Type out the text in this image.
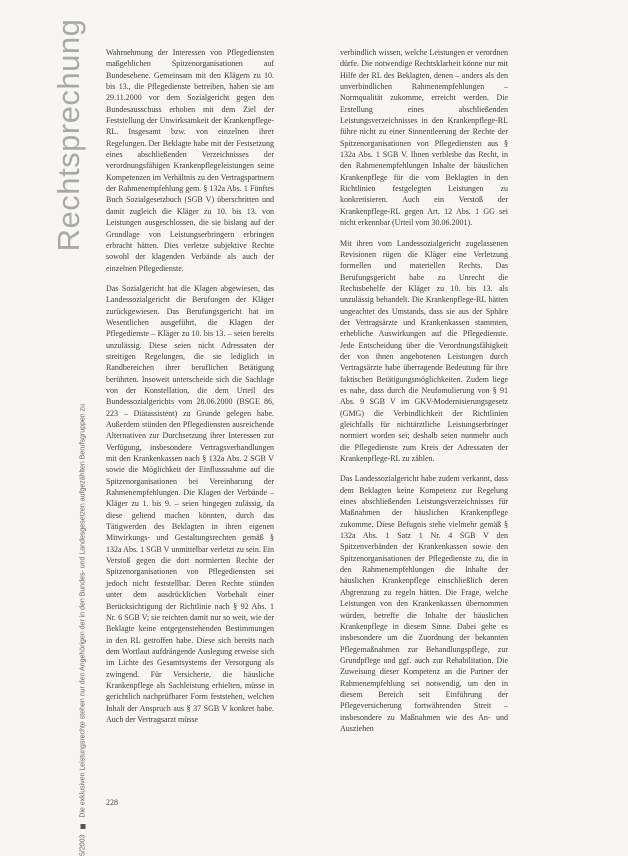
Rechtsprechung
5/2003  Die exklusiven Leistungsrechte stehen nur den Angehörigen der in den Bundes- und Landesgesetzen aufgezählten Berufsgruppen zu

Wahrnehmung der Interessen von Pflegediensten maßgeblichen Spitzenorganisationen auf Bundesebene. Gemeinsam mit den Klägern zu 10. bis 13., die Pflegedienste betreiben, haben sie am 29.11.2000 vor dem Sozialgericht gegen den Bundesausschuss erhoben mit dem Ziel der Feststellung der Unwirksamkeit der Krankenpflege-RL. Insgesamt bzw. von einzelnen ihrer Regelungen. Der Beklagte habe mit der Festsetzung eines abschließenden Verzeichnisses der verordnungsfähigen Krankenpflegeleistungen seine Kompetenzen im Verhältnis zu den Vertragspartnern der Rahmenempfehlung gem. § 132a Abs. 1 Fünftes Buch Sozialgesetzbuch (SGB V) überschritten und damit zugleich die Kläger zu 10. bis 13. von Leistungen ausgeschlossen, die sie bislang auf der Grundlage von Leistungserbringern erbringen erbracht hätten. Dies verletze subjektive Rechte sowohl der klagenden Verbände als auch der einzelnen Pflegedienste.

Das Sozialgericht hat die Klagen abgewiesen, das Landessozialgericht die Berufungen der Kläger zurückgewiesen. Das Berufungsgericht hat im Wesentlichen ausgeführt, die Klagen der Pflegedienste – Kläger zu 10. bis 13. – seien bereits unzulässig. Diese seien nicht Adressaten der streitigen Regelungen, die sie lediglich in Randbereichen ihrer beruflichen Betätigung berührten. Insoweit unterscheide sich die Sachlage von der Konstellation, die dem Urteil des Bundessozialgerichts vom 28.06.2000 (BSGE 86, 223 – Diätassistent) zu Grunde gelegen habe. Außerdem stünden den Pflegediensten ausreichende Alternativen zur Durchsetzung ihrer Interessen zur Verfügung, insbesondere Vertragsverhandlungen mit den Krankenkassen nach § 132a Abs. 2 SGB V sowie die Möglichkeit der Einflussnahme auf die Spitzenorganisationen bei Vereinbarung der Rahmenempfehlungen. Die Klagen der Verbände – Kläger zu 1. bis 9. – seien hingegen zulässig, da diese geltend machen könnten, durch das Tätigwerden des Beklagten in ihren eigenen Mitwirkungs- und Gestaltungsrechten gemäß § 132a Abs. 1 SGB V unmittelbar verletzt zu sein. Ein Verstoß gegen die dort normierten Rechte der Spitzenorganisationen von Pflegediensten sei jedoch nicht feststellbar. Deren Rechte stünden unter dem ausdrücklichen Vorbehalt einer Berücksichtigung der Richtlinie nach § 92 Abs. 1 Nr. 6 SGB V; sie reichten damit nur so weit, wie der Beklagte keine entgegenstehenden Bestimmungen in den RL getroffen habe. Diese sich bereits nach dem Wortlaut aufdrängende Auslegung erweise sich im Lichte des Gesamtsystems der Versorgung als zwingend. Für Versicherte, die häusliche Krankenpflege als Sachleistung erhielten, müsse in gerichtlich nachprüfbarer Form feststehen, welchen Inhalt der Anspruch aus § 37 SGB V konkret habe. Auch der Vertragsarzt müsse

verbindlich wissen, welche Leistungen er verordnen dürfe. Die notwendige Rechtsklarheit könne nur mit Hilfe der RL des Beklagten, denen – anders als den unverbindlichen Rahmenempfehlungen – Normqualität zukomme, erreicht werden. Die Erstellung eines abschließenden Leistungsverzeichnisses in den Krankenpflege-RL führe nicht zu einer Sinnentleerung der Rechte der Spitzenorganisationen von Pflegediensten aus § 132a Abs. 1 SGB V. Ihnen verbleibe das Recht, in den Rahmenempfehlungen Inhalte der häuslichen Krankenpflege für die vom Beklagten in den Richtlinien festgelegten Leistungen zu konkretisieren. Auch ein Verstoß der Krankenpflege-RL gegen Art. 12 Abs. 1 GG sei nicht erkennbar (Urteil vom 30.06.2001).

Mit ihren vom Landessozialgericht zugelassenen Revisionen rügen die Kläger eine Verletzung formellen und materiellen Rechts. Das Berufungsgericht habe zu Unrecht die Rechtsbehelfe der Kläger zu 10. bis 13. als unzulässig behandelt. Die Krankenpflege-RL hätten ungeachtet des Umstands, dass sie aus der Sphäre der Vertragsärzte und Krankenkassen stammten, erhebliche Auswirkungen auf die Pflegedienste. Jede Entscheidung über die Verordnungsfähigkeit der von ihnen angebotenen Leistungen durch Vertragsärzte habe überragende Bedeutung für ihre faktischen Betätigungsmöglichkeiten. Zudem liege es nahe, dass durch die Neufomulierung von § 91 Abs. 9 SGB V im GKV-Modernisierungsgesetz (GMG) die Verbindlichkeit der Richtlinien gleichfalls für nichtärztliche Leistungserbringer normiert worden sei; deshalb seien nunmehr auch die Pflegedienste zum Kreis der Adressaten der Krankenpflege-RL zu zählen.

Das Landessozialgericht habe zudem verkannt, dass dem Beklagten keine Kompetenz zur Regelung eines abschließenden Leistungsverzeichnisses für Maßnahmen der häuslichen Krankenpflege zukomme. Diese Befugnis stehe vielmehr gemäß § 132a Abs. 1 Satz 1 Nr. 4 SGB V den Spitzenverbänden der Krankenkassen sowie den Spitzenorganisationen der Pflegedienste zu, die in den Rahmenempfehlungen die Inhalte der häuslichen Krankenpflege einschließlich deren Abgrenzung zu regeln hätten. Die Frage, welche Leistungen von den Krankenkassen übernommen würden, betreffe die Inhalte der häuslichen Krankenpflege in diesem Sinne. Dabei gehe es insbesondere um die Zuordnung der bekannten Pflegemaßnahmen zur Behandlungspflege, zur Grundpflege und ggf. auch zur Rehabilitation. Die Zuweisung dieser Kompetenz an die Partner der Rahmenempfehlung sei notwendig, um den in diesem Bereich seit Einführung der Pflegeversicherung fortwährenden Streit – insbesondere zu Maßnahmen wie des An- und Ausziehen

228
